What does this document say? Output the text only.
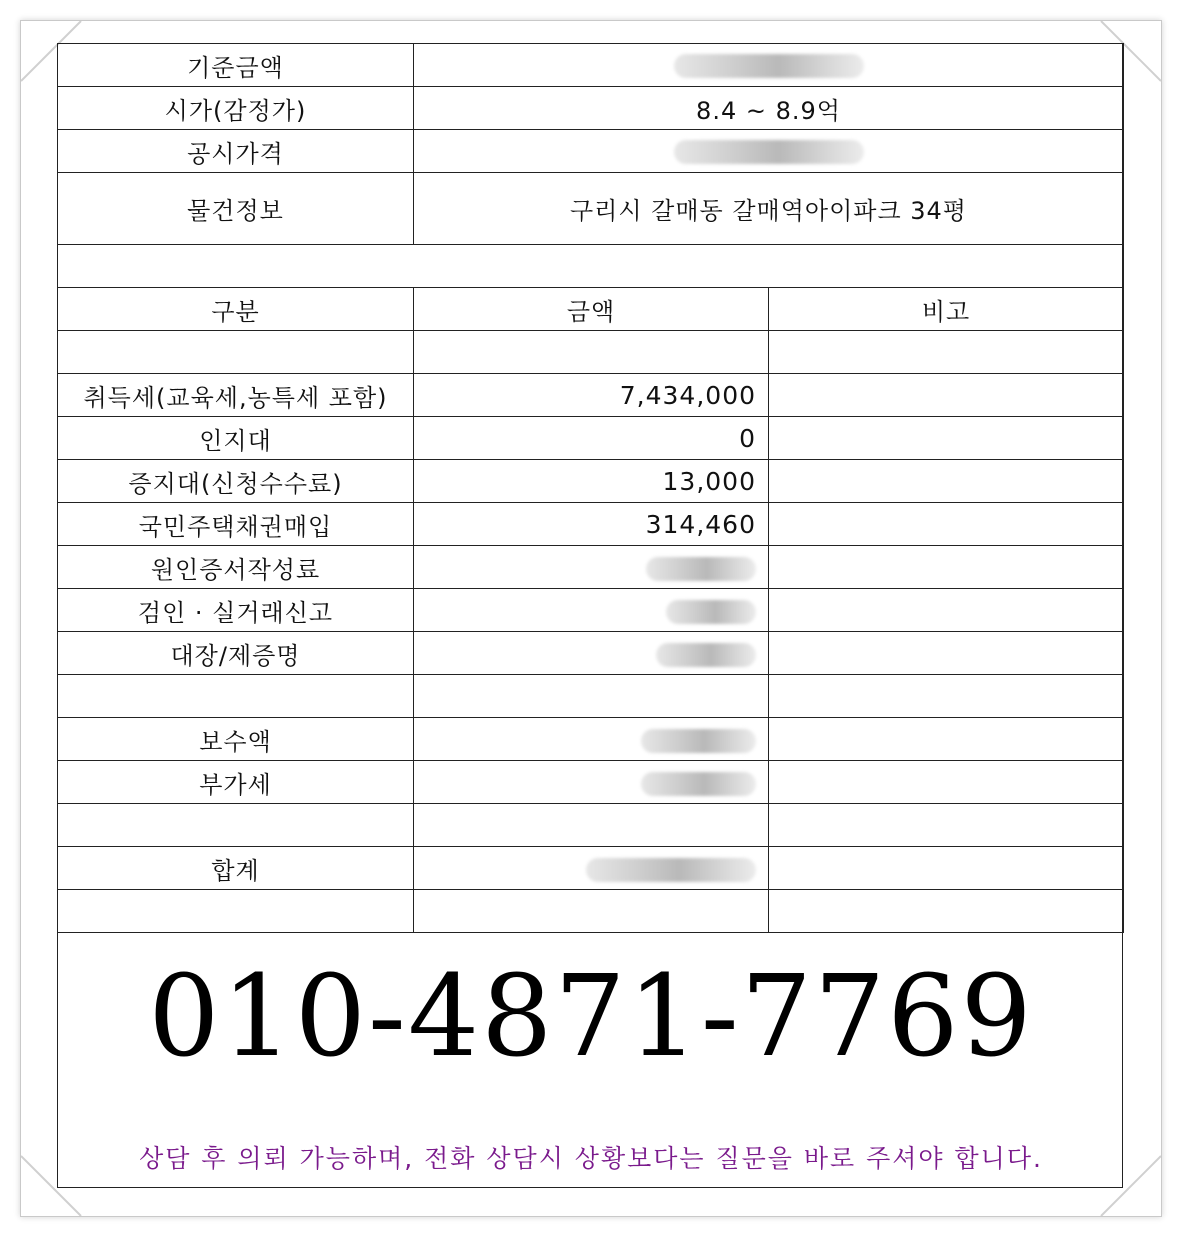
기준금액		
시가(감정가)	8.4 ~ 8.9억	
공시가격		
물건정보	구리시 갈매동 갈매역아이파크 34평	

구분	금액	비고

취득세(교육세,농특세 포함)	7,434,000	
인지대	0	
증지대(신청수수료)	13,000	
국민주택채권매입	314,460	
원인증서작성료		
검인 · 실거래신고		
대장/제증명		

보수액		
부가세		

합계		

010-4871-7769
상담 후 의뢰 가능하며, 전화 상담시 상황보다는 질문을 바로 주셔야 합니다.
